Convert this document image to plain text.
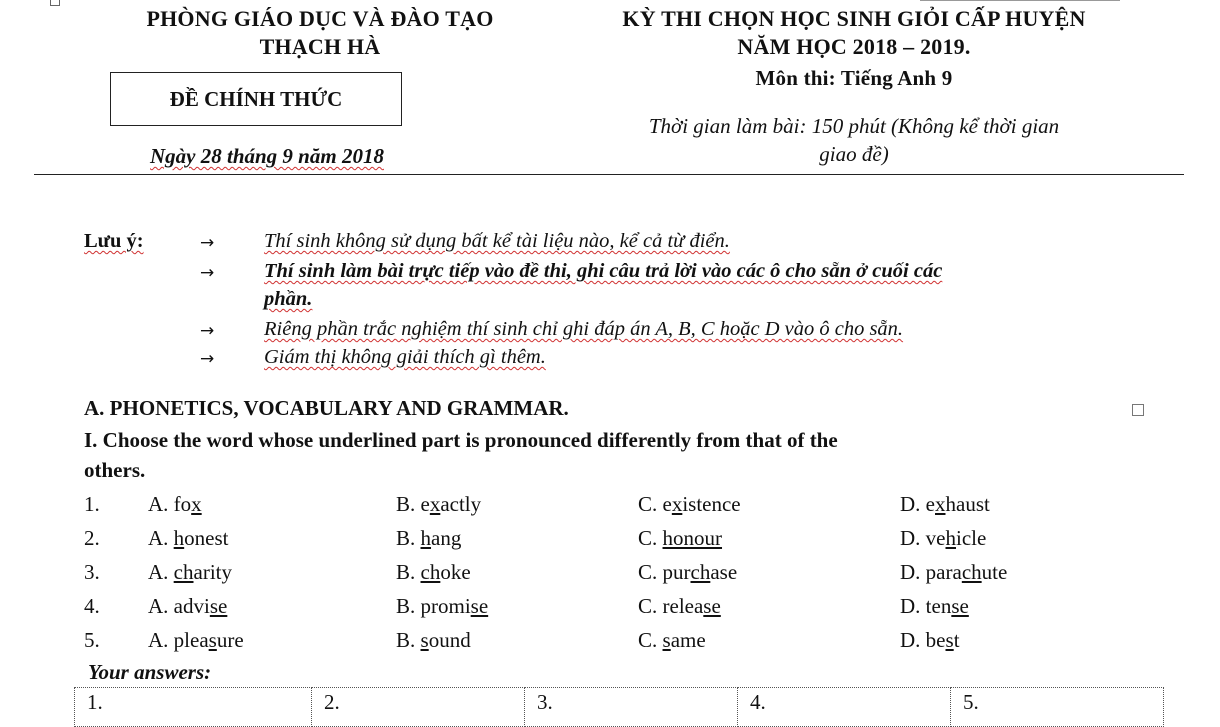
PHÒNG GIÁO DỤC VÀ ĐÀO TẠO
THẠCH HÀ
ĐỀ CHÍNH THỨC
Ngày 28 tháng 9 năm 2018
KỲ THI CHỌN HỌC SINH GIỎI CẤP HUYỆN
NĂM HỌC 2018 – 2019.
Môn thi: Tiếng Anh 9
Thời gian làm bài: 150 phút (Không kể thời gian
giao đề)
Lưu ý:	→ Thí sinh không sử dụng bất kể tài liệu nào, kể cả từ điển.
→ Thí sinh làm bài trực tiếp vào đề thi, ghi câu trả lời vào các ô cho sẵn ở cuối các
phần.
→ Riêng phần trắc nghiệm thí sinh chỉ ghi đáp án A, B, C hoặc D vào ô cho sẵn.
→ Giám thị không giải thích gì thêm.
A. PHONETICS, VOCABULARY AND GRAMMAR.
I. Choose the word whose underlined part is pronounced differently from that of the
others.
1. A. fox	B. exactly	C. existence	D. exhaust
2. A. honest	B. hang	C. honour	D. vehicle
3. A. charity	B. choke	C. purchase	D. parachute
4. A. advise	B. promise	C. release	D. tense
5. A. pleasure	B. sound	C. same	D. best
Your answers:
1.	2.	3.	4.	5.
